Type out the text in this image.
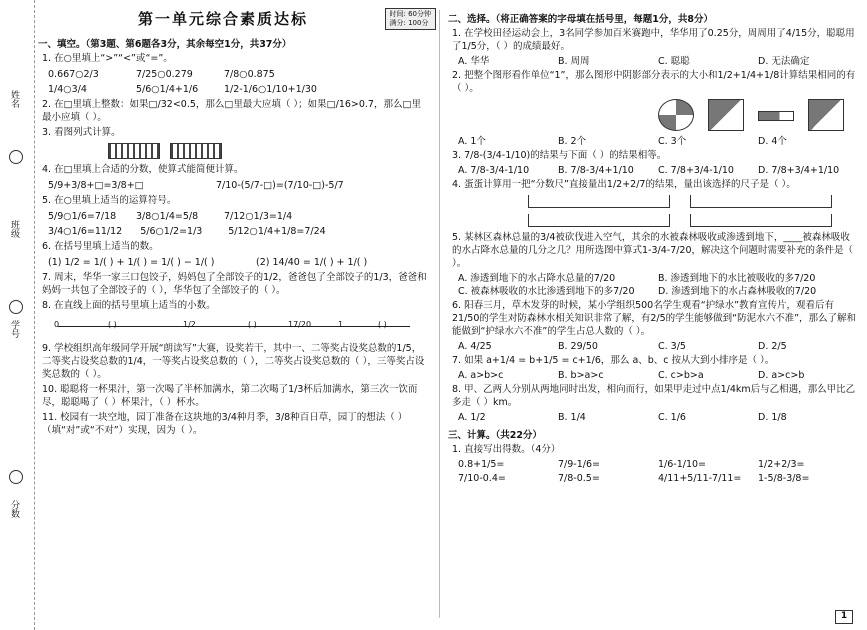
姓名
班级
学号
分数
第一单元综合素质达标	时间: 60分钟
满分: 100分
一、填空。（第3题、第6题各3分，其余每空1分，共37分）
1. 在○里填上“>”“<”或“=”。
0.667○2/3	7/25○0.279	7/8○0.875
1/4○3/4	5/6○1/4+1/6	1/2-1/6○1/10+1/30
2. 在□里填上整数：如果□/32<0.5，那么□里最大应填（ ）；如果□/16>0.7，那么□里最小应填（ ）。
3. 看图列式计算。
4. 在□里填上合适的分数，使算式能简便计算。
5/9+3/8+□=3/8+□	7/10-(5/7-□)=(7/10-□)-5/7
5. 在○里填上适当的运算符号。
5/9○1/6=7/18 3/8○1/4=5/8	7/12○1/3=1/4
3/4○1/6=11/12 5/6○1/2=1/3	5/12○1/4+1/8=7/24
6. 在括号里填上适当的数。
(1) 1/2 = 1/( ) + 1/( ) = 1/( ) − 1/( )	(2) 14/40 = 1/( ) + 1/( )
7. 周末，华华一家三口包饺子，妈妈包了全部饺子的1/2，爸爸包了全部饺子的1/3，爸爸和妈妈一共包了全部饺子的（ ），华华包了全部饺子的（ ）。
8. 在直线上面的括号里填上适当的小数。
0	( )	1/2	( )	17/20	1	( )
9. 学校组织高年级同学开展“朗读写”大赛，设奖若干，其中一、二等奖占设奖总数的1/5，二等奖占设奖总数的1/4，一等奖占设奖总数的（ ），二等奖占设奖总数的（ ），三等奖占设奖总数的（ ）。
10. 聪聪将一杯果汁，第一次喝了半杯加满水，第二次喝了1/3杯后加满水，第三次一饮而尽，聪聪喝了（ ）杯果汁，（ ）杯水。
11. 校园有一块空地，园丁准备在这块地的3/4种月季，3/8种百日草，园丁的想法（ ）（填“对”或“不对”）实现，因为（ ）。
二、选择。（将正确答案的字母填在括号里，每题1分，共8分）
1. 在学校田径运动会上，3名同学参加百米赛跑中，华华用了0.25分，周周用了4/15分，聪聪用了1/5分，（ ）的成绩最好。
A. 华华	B. 周周	C. 聪聪	D. 无法确定
2. 把整个图形看作单位“1”，那么图形中阴影部分表示的大小和1/2+1/4+1/8计算结果相同的有（ ）。
A. 1个	B. 2个	C. 3个	D. 4个
3. 7/8-(3/4-1/10)的结果与下面（ ）的结果相等。
A. 7/8-3/4-1/10	B. 7/8-3/4+1/10	C. 7/8+3/4-1/10	D. 7/8+3/4+1/10
4. 蛋蛋计算用一把“分数尺”直接量出1/2+2/7的结果，量出该选择的尺子是（ ）。
5. 某林区森林总量的3/4被砍伐进入空气，其余的水被森林吸收或渗透到地下，____被森林吸收的水占降水总量的几分之几？用所选图中算式1-3/4-7/20，解决这个问题时需要补充的条件是（ ）。
A. 渗透到地下的水占降水总量的7/20	B. 渗透到地下的水比被吸收的多7/20
C. 被森林吸收的水比渗透到地下的多7/20	D. 渗透到地下的水占森林吸收的7/20
6. 阳春三月，草木发芽的时候，某小学组织500名学生观看“护绿水”教育宣传片，观看后有21/50的学生对防森林水相关知识非常了解，有2/5的学生能够做到“防泥水六不准”，那么了解和能做到“护绿水六不准”的学生占总人数的（ ）。
A. 4/25	B. 29/50	C. 3/5	D. 2/5
7. 如果 a+1/4 = b+1/5 = c+1/6，那么 a、b、c 按从大到小排序是（ ）。
A. a>b>c	B. b>a>c	C. c>b>a	D. a>c>b
8. 甲、乙两人分别从两地同时出发，相向而行，如果甲走过中点1/4km后与乙相遇，那么甲比乙多走（ ）km。
A. 1/2	B. 1/4	C. 1/6	D. 1/8
三、计算。（共22分）
1. 直接写出得数。（4分）
0.8+1/5=	7/9-1/6=	1/6-1/10=	1/2+2/3=
7/10-0.4=	7/8-0.5=	4/11+5/11-7/11=	1-5/8-3/8=
1
